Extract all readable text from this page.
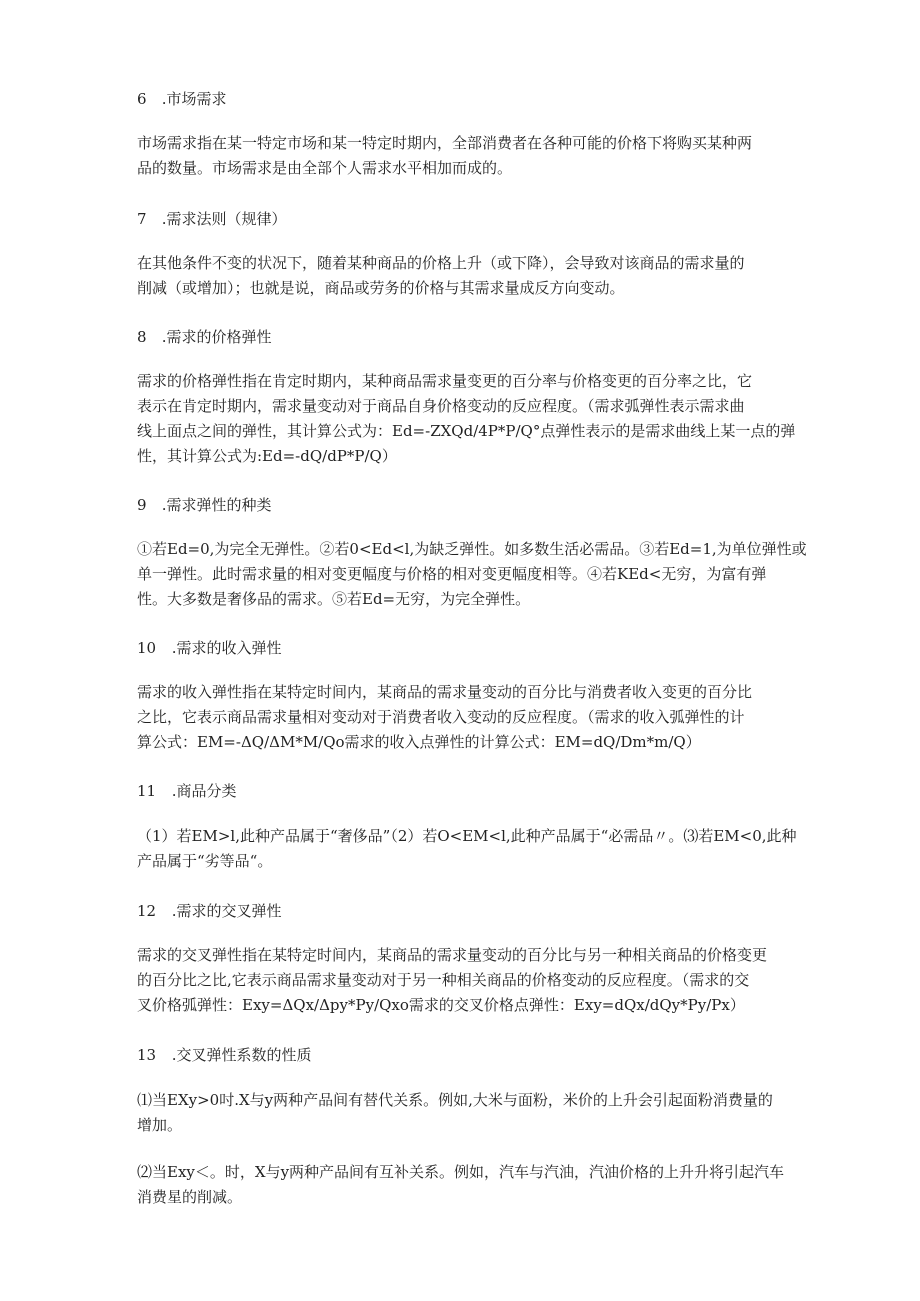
6 .市场需求
市场需求指在某一特定市场和某一特定时期内，全部消费者在各种可能的价格下将购买某种两
品的数量。市场需求是由全部个人需求水平相加而成的。
7 .需求法则（规律）
在其他条件不变的状况下，随着某种商品的价格上升（或下降），会导致对该商品的需求量的
削减（或增加）；也就是说，商品或劳务的价格与其需求量成反方向变动。
8 .需求的价格弹性
需求的价格弹性指在肯定时期内，某种商品需求量变更的百分率与价格变更的百分率之比，它
表示在肯定时期内，需求量变动对于商品自身价格变动的反应程度。（需求弧弹性表示需求曲
线上面点之间的弹性，其计算公式为：Ed=-ZXQd/4P*P/Q°点弹性表示的是需求曲线上某一点的弹
性，其计算公式为:Ed=-dQ/dP*P/Q）
9 .需求弹性的种类
①若Ed=0,为完全无弹性。②若0<Ed<l,为缺乏弹性。如多数生活必需品。③若Ed=1,为单位弹性或
单一弹性。此时需求量的相对变更幅度与价格的相对变更幅度相等。④若KEd<无穷，为富有弹
性。大多数是奢侈品的需求。⑤若Ed=无穷，为完全弹性。
10 .需求的收入弹性
需求的收入弹性指在某特定时间内，某商品的需求量变动的百分比与消费者收入变更的百分比
之比，它表示商品需求量相对变动对于消费者收入变动的反应程度。（需求的收入弧弹性的计
算公式：EM=-ΔQ/ΔM*M/Qo需求的收入点弹性的计算公式：EM=dQ/Dm*m/Q）
11 .商品分类
（1）若EM>l,此种产品属于“奢侈品”（2）若O<EM<l,此种产品属于“必需品〃。⑶若EM<0,此种
产品属于“劣等品“。
12 .需求的交叉弹性
需求的交叉弹性指在某特定时间内，某商品的需求量变动的百分比与另一种相关商品的价格变更
的百分比之比,它表示商品需求量变动对于另一种相关商品的价格变动的反应程度。（需求的交
叉价格弧弹性：Exy=ΔQx/Δpy*Py/Qxo需求的交叉价格点弹性：Exy=dQx/dQy*Py/Px）
13 .交叉弹性系数的性质
⑴当EXy>0吋.X与y两种产品间有替代关系。例如,大米与面粉，米价的上升会引起面粉消费量的
增加。
⑵当Exy＜。时，X与y两种产品间有互补关系。例如，汽车与汽油，汽油价格的上升升将引起汽车
消费星的削减。
